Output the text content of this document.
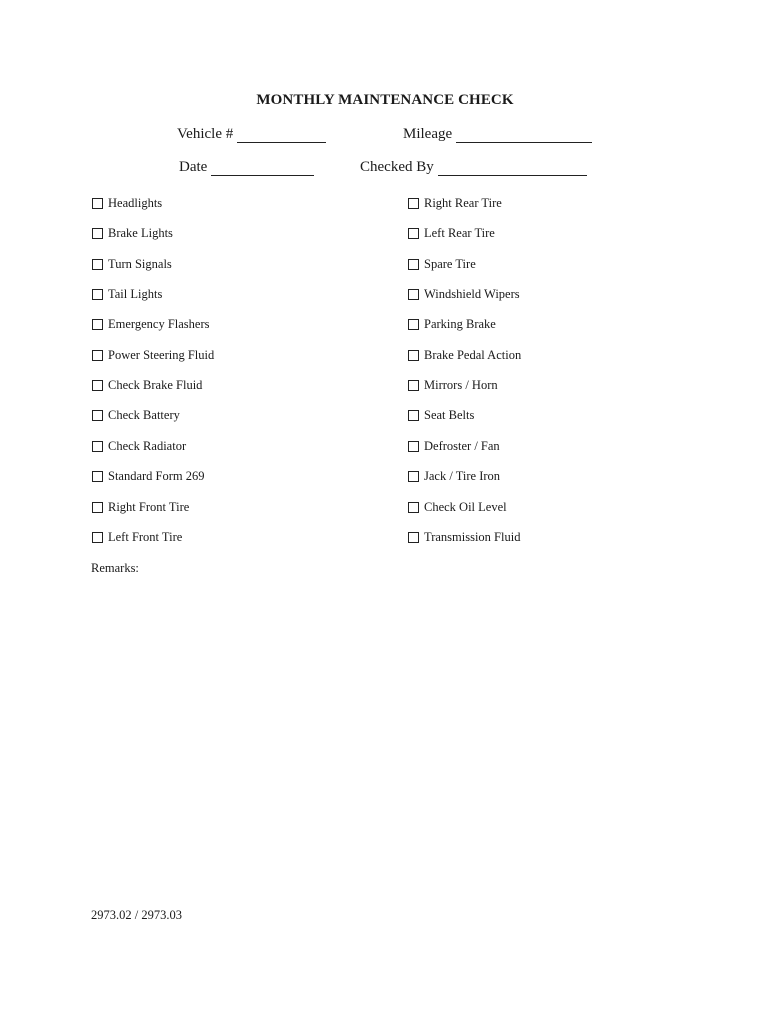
MONTHLY MAINTENANCE CHECK
Vehicle #	Mileage
Date	Checked By
Headlights
Brake Lights
Turn Signals
Tail Lights
Emergency Flashers
Power Steering Fluid
Check Brake Fluid
Check Battery
Check Radiator
Standard Form 269
Right Front Tire
Left Front Tire
Right Rear Tire
Left Rear Tire
Spare Tire
Windshield Wipers
Parking Brake
Brake Pedal Action
Mirrors / Horn
Seat Belts
Defroster / Fan
Jack / Tire Iron
Check Oil Level
Transmission Fluid
Remarks:
2973.02 / 2973.03
